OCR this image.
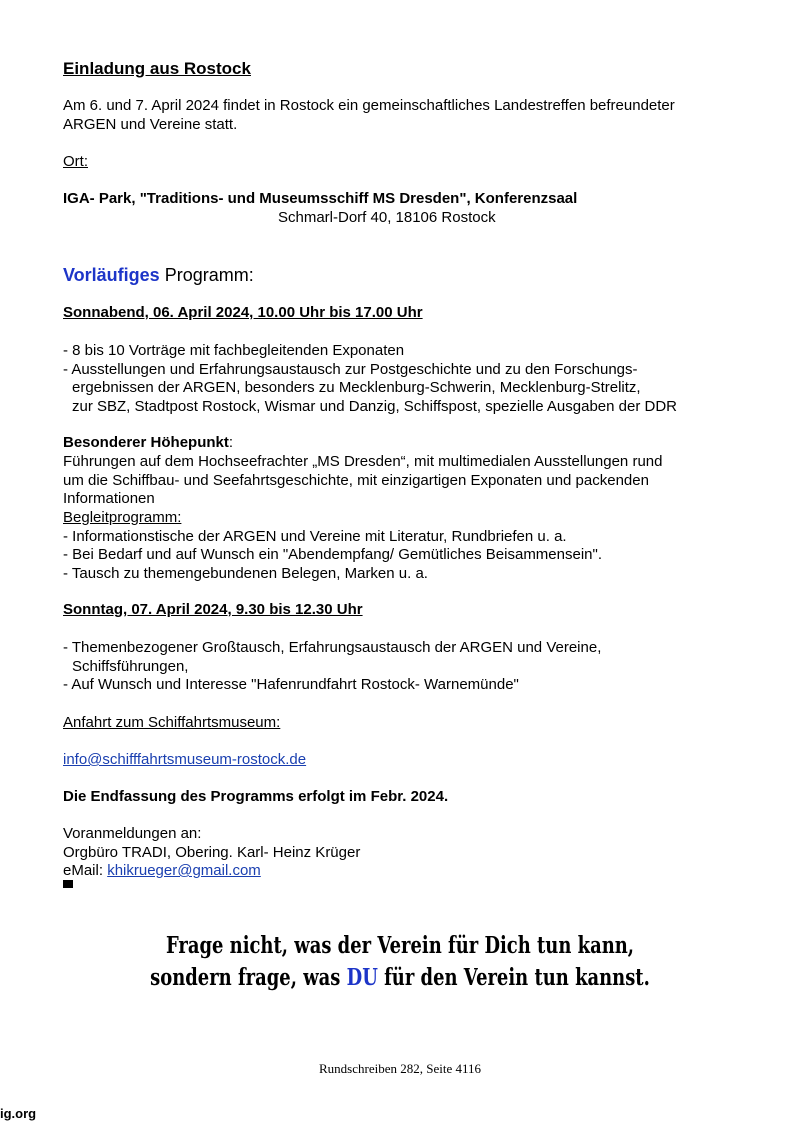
Einladung aus Rostock
Am 6. und 7. April 2024 findet in Rostock ein gemeinschaftliches Landestreffen befreundeter
ARGEN und Vereine statt.
Ort:
IGA- Park, "Traditions- und Museumsschiff MS Dresden", Konferenzsaal
Schmarl-Dorf 40, 18106 Rostock
Vorläufiges Programm:
Sonnabend, 06. April 2024, 10.00 Uhr bis 17.00 Uhr
- 8 bis 10 Vorträge mit fachbegleitenden Exponaten
- Ausstellungen und Erfahrungsaustausch zur Postgeschichte und zu den Forschungs-
ergebnissen der ARGEN, besonders zu Mecklenburg-Schwerin, Mecklenburg-Strelitz,
zur SBZ, Stadtpost Rostock, Wismar und Danzig, Schiffspost, spezielle Ausgaben der DDR
Besonderer Höhepunkt:
Führungen auf dem Hochseefrachter „MS Dresden“, mit multimedialen Ausstellungen rund
um die Schiffbau- und Seefahrtsgeschichte, mit einzigartigen Exponaten und packenden
Informationen
Begleitprogramm:
- Informationstische der ARGEN und Vereine mit Literatur, Rundbriefen u. a.
- Bei Bedarf und auf Wunsch ein "Abendempfang/ Gemütliches Beisammensein".
- Tausch zu themengebundenen Belegen, Marken u. a.
Sonntag, 07. April 2024, 9.30 bis 12.30 Uhr
- Themenbezogener Großtausch, Erfahrungsaustausch der ARGEN und Vereine,
Schiffsführungen,
- Auf Wunsch und Interesse "Hafenrundfahrt Rostock- Warnemünde"
Anfahrt zum Schiffahrtsmuseum:
info@schifffahrtsmuseum-rostock.de
Die Endfassung des Programms erfolgt im Febr. 2024.
Voranmeldungen an:
Orgbüro TRADI, Obering. Karl- Heinz Krüger
eMail: khikrueger@gmail.com
Frage nicht, was der Verein für Dich tun kann,
sondern frage, was DU für den Verein tun kannst.
Rundschreiben 282, Seite 4116
ig.org
